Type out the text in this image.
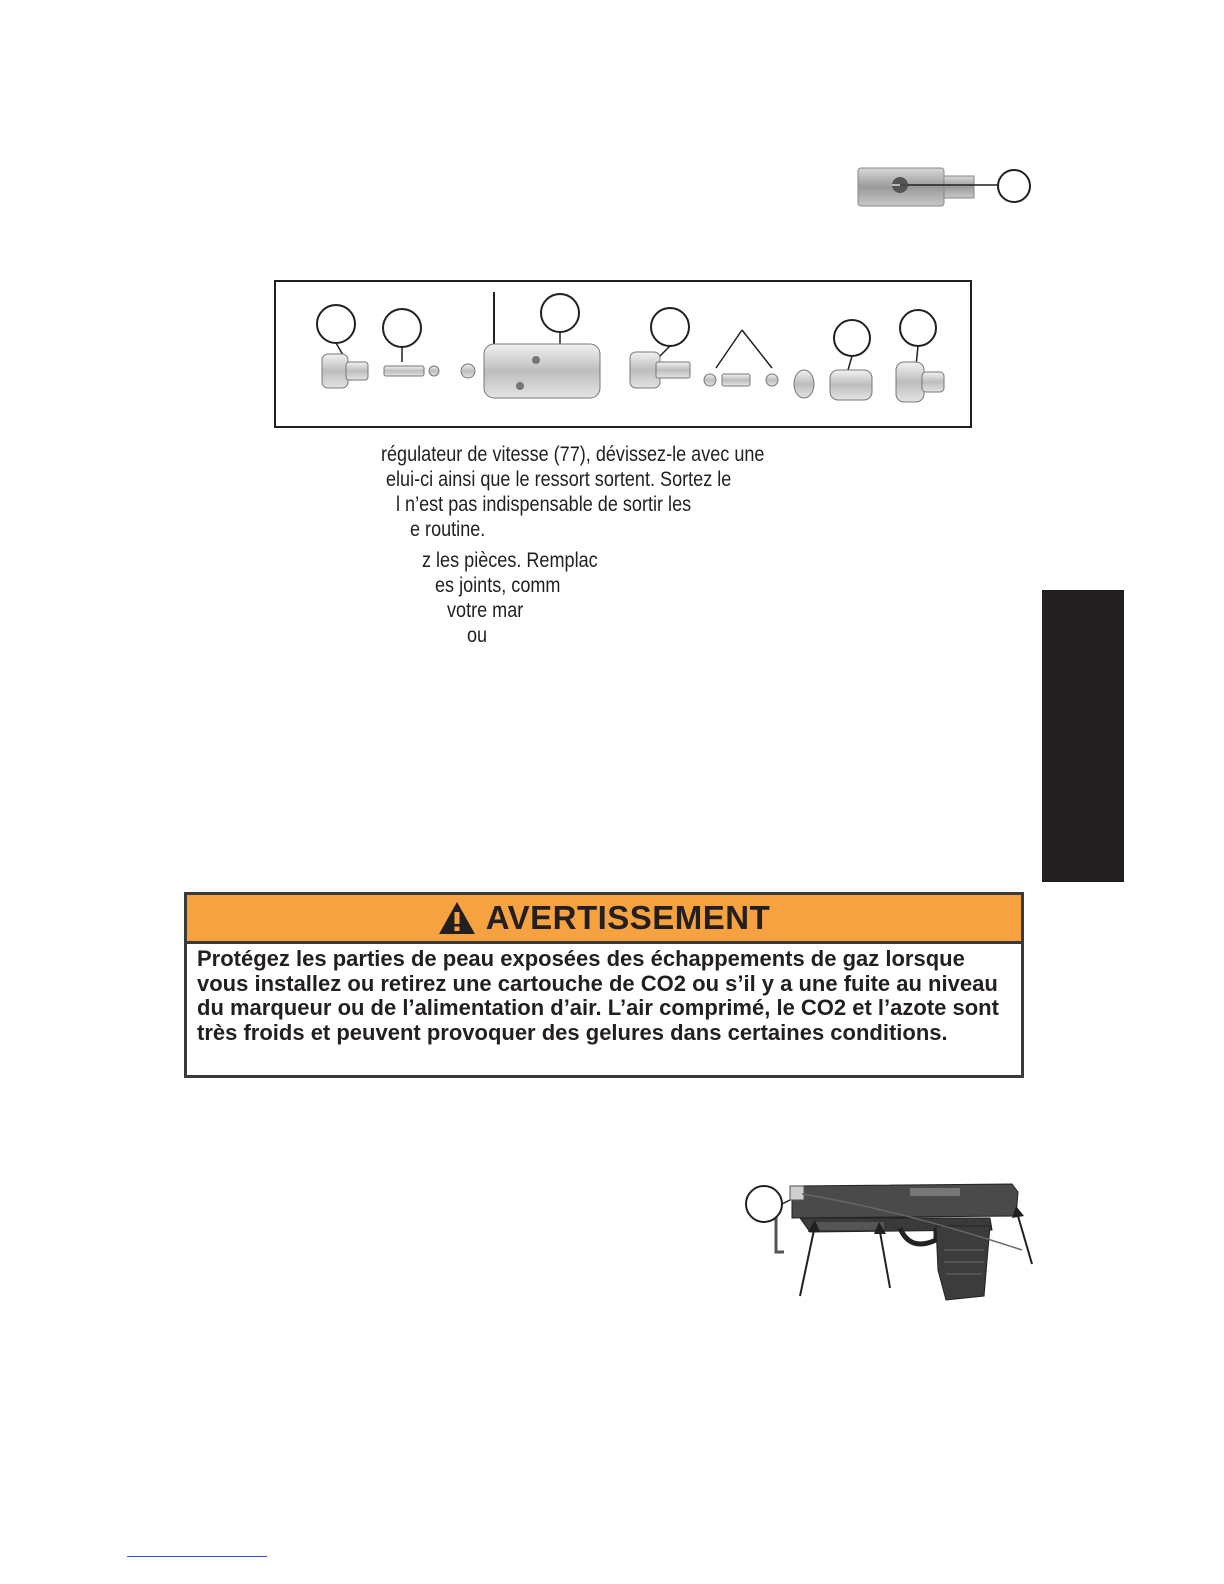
régulateur de vitesse (77), dévissez-le avec une
elui-ci ainsi que le ressort sortent. Sortez le
l n’est pas indispensable de sortir les
e routine.
z les pièces. Remplac
es joints, comm
votre mar
ou
AVERTISSEMENT
Protégez les parties de peau exposées des échappements de gaz lorsque vous installez ou retirez une cartouche de CO2 ou s’il y a une fuite au niveau du marqueur ou de l’alimentation d’air. L’air comprimé, le CO2 et l’azote sont très froids et peuvent provoquer des gelures dans certaines conditions.
